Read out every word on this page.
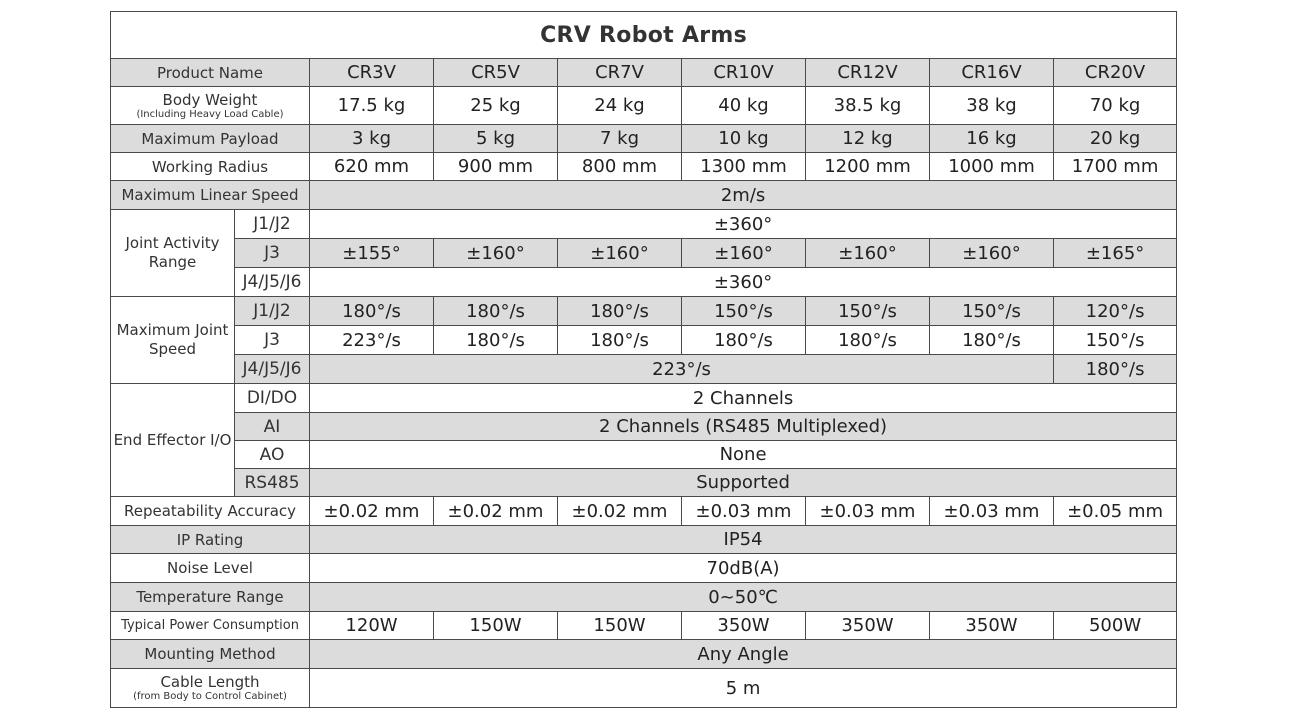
CRV Robot Arms								
Product Name		CR3V	CR5V	CR7V	CR10V	CR12V	CR16V	CR20V

Body Weight
(Including Heavy Load Cable)		17.5 kg	25 kg	24 kg	40 kg	38.5 kg	38 kg	70 kg
Maximum Payload		3 kg	5 kg	7 kg	10 kg	12 kg	16 kg	20 kg
Working Radius		620 mm	900 mm	800 mm	1300 mm	1200 mm	1000 mm	1700 mm
Maximum Linear Speed		2m/s						
Joint Activity Range	J1/J2	±360°						
	J3	±155°	±160°	±160°	±160°	±160°	±160°	±165°
	J4/J5/J6	±360°						
Maximum Joint Speed	J1/J2	180°/s	180°/s	180°/s	150°/s	150°/s	150°/s	120°/s
	J3	223°/s	180°/s	180°/s	180°/s	180°/s	180°/s	150°/s
	J4/J5/J6	223°/s						180°/s
End Effector I/O	DI/DO	2 Channels						
	AI	2 Channels (RS485 Multiplexed)						
	AO	None						
	RS485	Supported						
Repeatability Accuracy		±0.02 mm	±0.02 mm	±0.02 mm	±0.03 mm	±0.03 mm	±0.03 mm	±0.05 mm
IP Rating		IP54						
Noise Level		70dB(A)						
Temperature Range		0~50℃						
Typical Power Consumption		120W	150W	150W	350W	350W	350W	500W
Mounting Method		Any Angle						

Cable Length
(from Body to Control Cabinet)		5 m						
